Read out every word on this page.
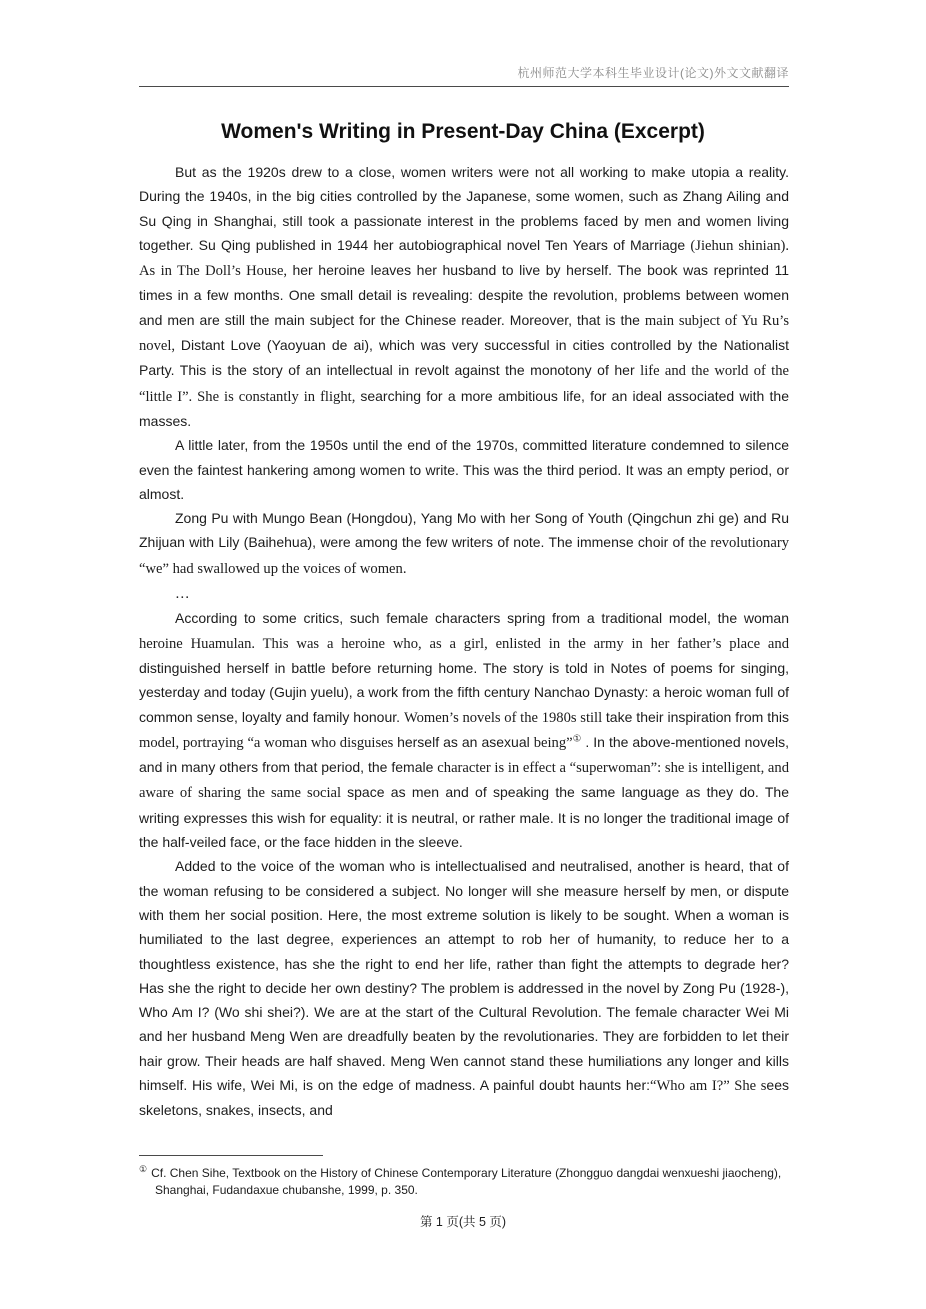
杭州师范大学本科生毕业设计(论文)外文文献翻译
Women's Writing in Present-Day China (Excerpt)

But as the 1920s drew to a close, women writers were not all working to make utopia a reality. During the 1940s, in the big cities controlled by the Japanese, some women, such as Zhang Ailing and Su Qing in Shanghai, still took a passionate interest in the problems faced by men and women living together. Su Qing published in 1944 her autobiographical novel Ten Years of Marriage (Jiehun shinian). As in The Doll’s House, her heroine leaves her husband to live by herself. The book was reprinted 11 times in a few months. One small detail is revealing: despite the revolution, problems between women and men are still the main subject for the Chinese reader. Moreover, that is the main subject of Yu Ru’s novel, Distant Love (Yaoyuan de ai), which was very successful in cities controlled by the Nationalist Party. This is the story of an intellectual in revolt against the monotony of her life and the world of the “little I”. She is constantly in flight, searching for a more ambitious life, for an ideal associated with the masses.

A little later, from the 1950s until the end of the 1970s, committed literature condemned to silence even the faintest hankering among women to write. This was the third period. It was an empty period, or almost.

Zong Pu with Mungo Bean (Hongdou), Yang Mo with her Song of Youth (Qingchun zhi ge) and Ru Zhijuan with Lily (Baihehua), were among the few writers of note. The immense choir of the revolutionary “we” had swallowed up the voices of women.

…

According to some critics, such female characters spring from a traditional model, the woman heroine Huamulan. This was a heroine who, as a girl, enlisted in the army in her father’s place and distinguished herself in battle before returning home. The story is told in Notes of poems for singing, yesterday and today (Gujin yuelu), a work from the fifth century Nanchao Dynasty: a heroic woman full of common sense, loyalty and family honour. Women’s novels of the 1980s still take their inspiration from this model, portraying “a woman who disguises herself as an asexual being”① . In the above-mentioned novels, and in many others from that period, the female character is in effect a “superwoman”: she is intelligent, and aware of sharing the same social space as men and of speaking the same language as they do. The writing expresses this wish for equality: it is neutral, or rather male. It is no longer the traditional image of the half-veiled face, or the face hidden in the sleeve.

Added to the voice of the woman who is intellectualised and neutralised, another is heard, that of the woman refusing to be considered a subject. No longer will she measure herself by men, or dispute with them her social position. Here, the most extreme solution is likely to be sought. When a woman is humiliated to the last degree, experiences an attempt to rob her of humanity, to reduce her to a thoughtless existence, has she the right to end her life, rather than fight the attempts to degrade her? Has she the right to decide her own destiny? The problem is addressed in the novel by Zong Pu (1928-), Who Am I? (Wo shi shei?). We are at the start of the Cultural Revolution. The female character Wei Mi and her husband Meng Wen are dreadfully beaten by the revolutionaries. They are forbidden to let their hair grow. Their heads are half shaved. Meng Wen cannot stand these humiliations any longer and kills himself. His wife, Wei Mi, is on the edge of madness. A painful doubt haunts her:“Who am I?” She sees skeletons, snakes, insects, and

① Cf. Chen Sihe, Textbook on the History of Chinese Contemporary Literature (Zhongguo dangdai wenxueshi jiaocheng), Shanghai, Fudandaxue chubanshe, 1999, p. 350.
第 1 页(共 5 页)
